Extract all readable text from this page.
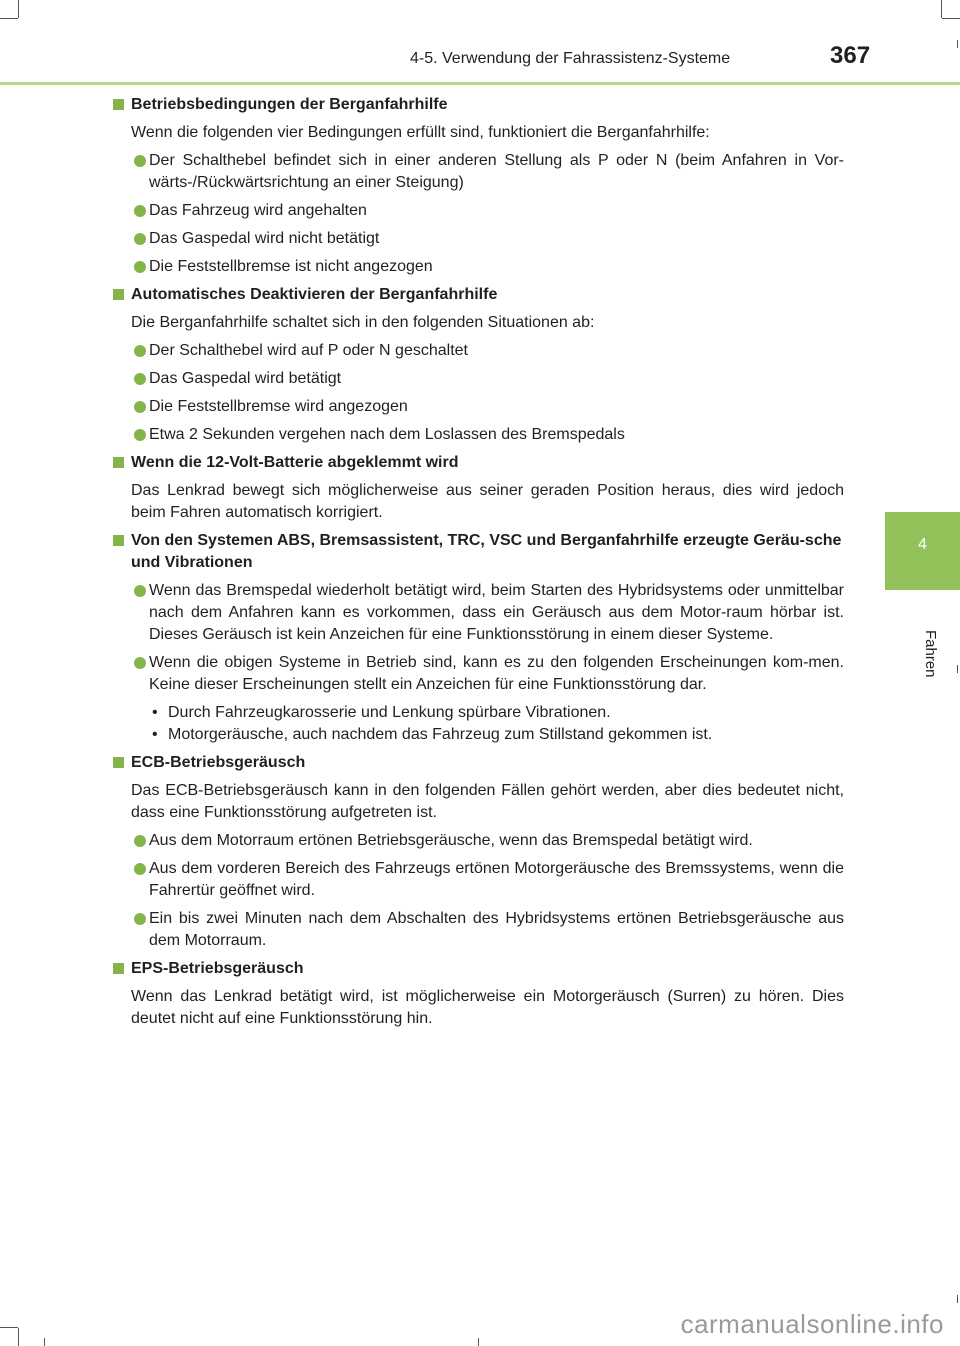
4-5. Verwendung der Fahrassistenz-Systeme	367
4
Fahren
Betriebsbedingungen der Berganfahrhilfe
Wenn die folgenden vier Bedingungen erfüllt sind, funktioniert die Berganfahrhilfe:
Der Schalthebel befindet sich in einer anderen Stellung als P oder N (beim Anfahren in Vor-wärts-/Rückwärtsrichtung an einer Steigung)
Das Fahrzeug wird angehalten
Das Gaspedal wird nicht betätigt
Die Feststellbremse ist nicht angezogen
Automatisches Deaktivieren der Berganfahrhilfe
Die Berganfahrhilfe schaltet sich in den folgenden Situationen ab:
Der Schalthebel wird auf P oder N geschaltet
Das Gaspedal wird betätigt
Die Feststellbremse wird angezogen
Etwa 2 Sekunden vergehen nach dem Loslassen des Bremspedals
Wenn die 12-Volt-Batterie abgeklemmt wird
Das Lenkrad bewegt sich möglicherweise aus seiner geraden Position heraus, dies wird jedoch beim Fahren automatisch korrigiert.
Von den Systemen ABS, Bremsassistent, TRC, VSC und Berganfahrhilfe erzeugte Geräu-sche und Vibrationen
Wenn das Bremspedal wiederholt betätigt wird, beim Starten des Hybridsystems oder unmittelbar nach dem Anfahren kann es vorkommen, dass ein Geräusch aus dem Motor-raum hörbar ist. Dieses Geräusch ist kein Anzeichen für eine Funktionsstörung in einem dieser Systeme.
Wenn die obigen Systeme in Betrieb sind, kann es zu den folgenden Erscheinungen kom-men. Keine dieser Erscheinungen stellt ein Anzeichen für eine Funktionsstörung dar.
• Durch Fahrzeugkarosserie und Lenkung spürbare Vibrationen.
• Motorgeräusche, auch nachdem das Fahrzeug zum Stillstand gekommen ist.
ECB-Betriebsgeräusch
Das ECB-Betriebsgeräusch kann in den folgenden Fällen gehört werden, aber dies bedeutet nicht, dass eine Funktionsstörung aufgetreten ist.
Aus dem Motorraum ertönen Betriebsgeräusche, wenn das Bremspedal betätigt wird.
Aus dem vorderen Bereich des Fahrzeugs ertönen Motorgeräusche des Bremssystems, wenn die Fahrertür geöffnet wird.
Ein bis zwei Minuten nach dem Abschalten des Hybridsystems ertönen Betriebsgeräusche aus dem Motorraum.
EPS-Betriebsgeräusch
Wenn das Lenkrad betätigt wird, ist möglicherweise ein Motorgeräusch (Surren) zu hören. Dies deutet nicht auf eine Funktionsstörung hin.
carmanualsonline.info
